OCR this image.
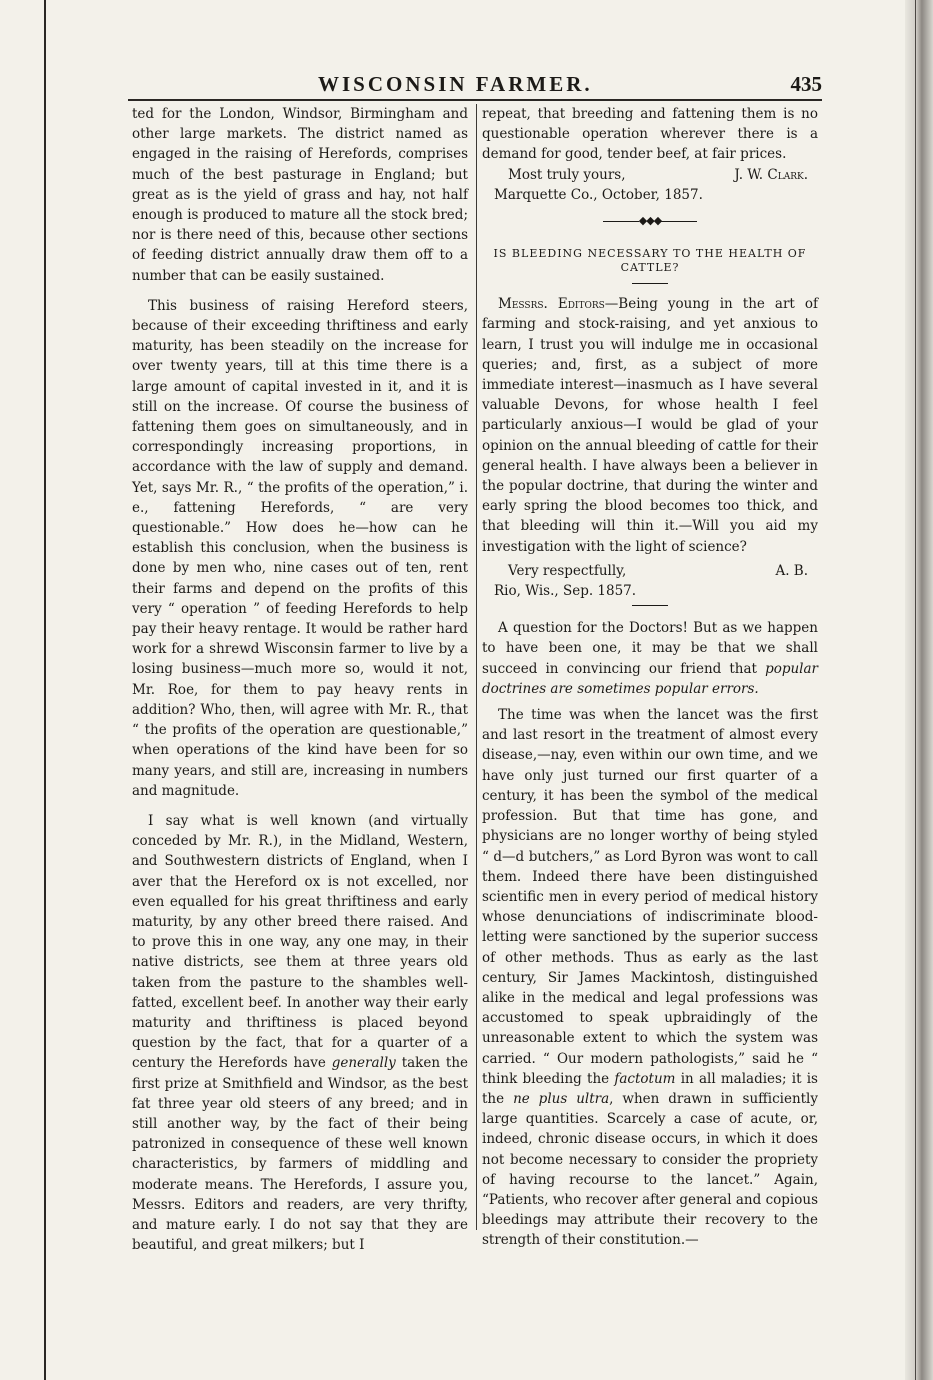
WISCONSIN FARMER.	435

ted for the London, Windsor, Birmingham and other large markets. The district named as engaged in the raising of Herefords, comprises much of the best pasturage in England; but great as is the yield of grass and hay, not half enough is produced to mature all the stock bred; nor is there need of this, because other sections of feeding district annually draw them off to a number that can be easily sustained.

This business of raising Hereford steers, because of their exceeding thriftiness and early maturity, has been steadily on the increase for over twenty years, till at this time there is a large amount of capital invested in it, and it is still on the increase. Of course the business of fattening them goes on simultaneously, and in correspondingly increasing proportions, in accordance with the law of supply and demand. Yet, says Mr. R., “ the profits of the operation,” i. e., fattening Herefords, “ are very questionable.” How does he—how can he establish this conclusion, when the business is done by men who, nine cases out of ten, rent their farms and depend on the profits of this very “ operation ” of feeding Herefords to help pay their heavy rentage. It would be rather hard work for a shrewd Wisconsin farmer to live by a losing business—much more so, would it not, Mr. Roe, for them to pay heavy rents in addition? Who, then, will agree with Mr. R., that “ the profits of the operation are questionable,” when operations of the kind have been for so many years, and still are, increasing in numbers and magnitude.

I say what is well known (and virtually conceded by Mr. R.), in the Midland, Western, and Southwestern districts of England, when I aver that the Hereford ox is not excelled, nor even equalled for his great thriftiness and early maturity, by any other breed there raised. And to prove this in one way, any one may, in their native districts, see them at three years old taken from the pasture to the shambles well-fatted, excellent beef. In another way their early maturity and thriftiness is placed beyond question by the fact, that for a quarter of a century the Herefords have generally taken the first prize at Smithfield and Windsor, as the best fat three year old steers of any breed; and in still another way, by the fact of their being patronized in consequence of these well known characteristics, by farmers of middling and moderate means. The Herefords, I assure you, Messrs. Editors and readers, are very thrifty, and mature early. I do not say that they are beautiful, and great milkers; but I

repeat, that breeding and fattening them is no questionable operation wherever there is a demand for good, tender beef, at fair prices.

Most truly yours,	J. W. Clark.

Marquette Co., October, 1857.

◆◆◆
IS BLEEDING NECESSARY TO THE HEALTH OF CATTLE?

Messrs. Editors—Being young in the art of farming and stock-raising, and yet anxious to learn, I trust you will indulge me in occasional queries; and, first, as a subject of more immediate interest—inasmuch as I have several valuable Devons, for whose health I feel particularly anxious—I would be glad of your opinion on the annual bleeding of cattle for their general health. I have always been a believer in the popular doctrine, that during the winter and early spring the blood becomes too thick, and that bleeding will thin it.—Will you aid my investigation with the light of science?

Very respectfully,	A. B.

Rio, Wis., Sep. 1857.

A question for the Doctors! But as we happen to have been one, it may be that we shall succeed in convincing our friend that popular doctrines are sometimes popular errors.

The time was when the lancet was the first and last resort in the treatment of almost every disease,—nay, even within our own time, and we have only just turned our first quarter of a century, it has been the symbol of the medical profession. But that time has gone, and physicians are no longer worthy of being styled “ d—d butchers,” as Lord Byron was wont to call them. Indeed there have been distinguished scientific men in every period of medical history whose denunciations of indiscriminate blood-letting were sanctioned by the superior success of other methods. Thus as early as the last century, Sir James Mackintosh, distinguished alike in the medical and legal professions was accustomed to speak upbraidingly of the unreasonable extent to which the system was carried. “ Our modern pathologists,” said he “ think bleeding the factotum in all maladies; it is the ne plus ultra, when drawn in sufficiently large quantities. Scarcely a case of acute, or, indeed, chronic disease occurs, in which it does not become necessary to consider the propriety of having recourse to the lancet.” Again, “Patients, who recover after general and copious bleedings may attribute their recovery to the strength of their constitution.—
